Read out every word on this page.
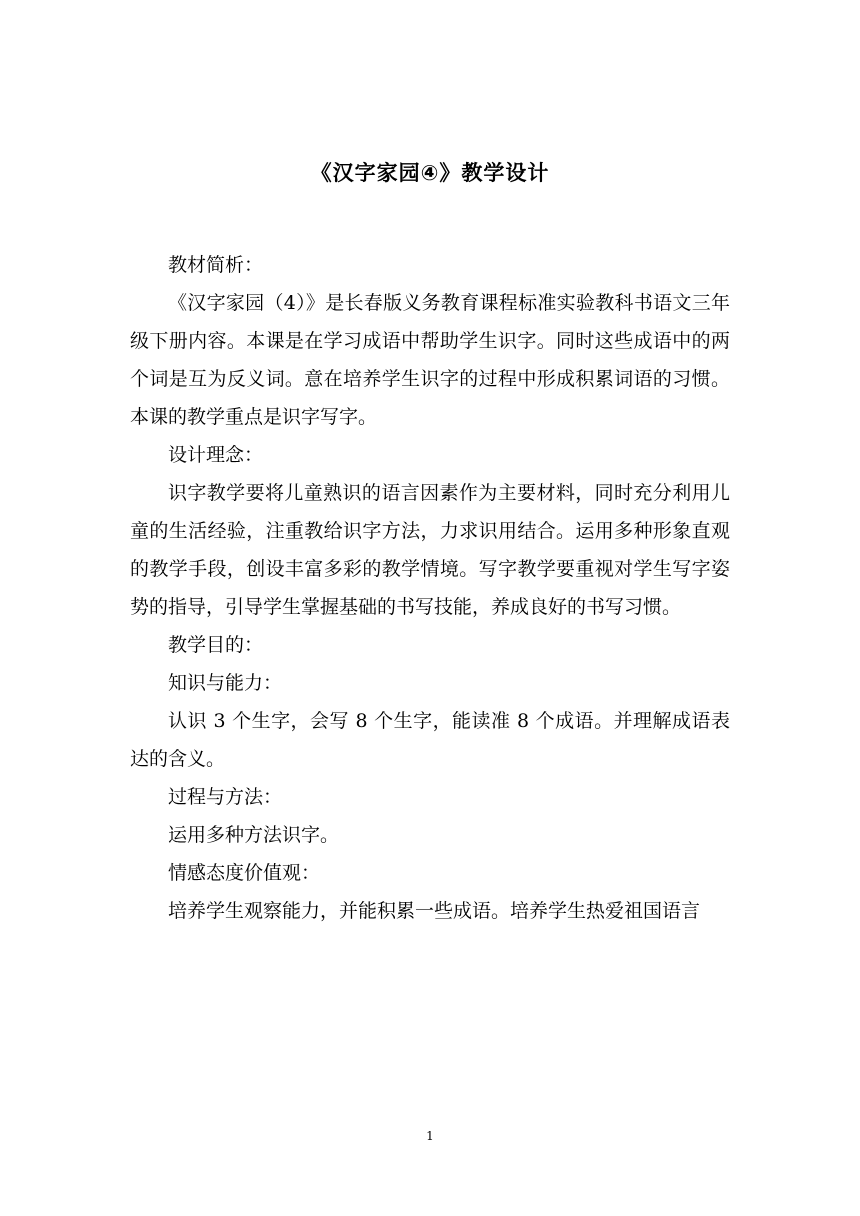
《汉字家园④》教学设计

教材简析：

《汉字家园（4）》是长春版义务教育课程标准实验教科书语文三年级下册内容。本课是在学习成语中帮助学生识字。同时这些成语中的两个词是互为反义词。意在培养学生识字的过程中形成积累词语的习惯。本课的教学重点是识字写字。

设计理念：

识字教学要将儿童熟识的语言因素作为主要材料，同时充分利用儿童的生活经验，注重教给识字方法，力求识用结合。运用多种形象直观的教学手段，创设丰富多彩的教学情境。写字教学要重视对学生写字姿势的指导，引导学生掌握基础的书写技能，养成良好的书写习惯。

教学目的：

知识与能力：

认识 3 个生字，会写 8 个生字，能读准 8 个成语。并理解成语表达的含义。

过程与方法：

运用多种方法识字。

情感态度价值观：

培养学生观察能力，并能积累一些成语。培养学生热爱祖国语言

1
